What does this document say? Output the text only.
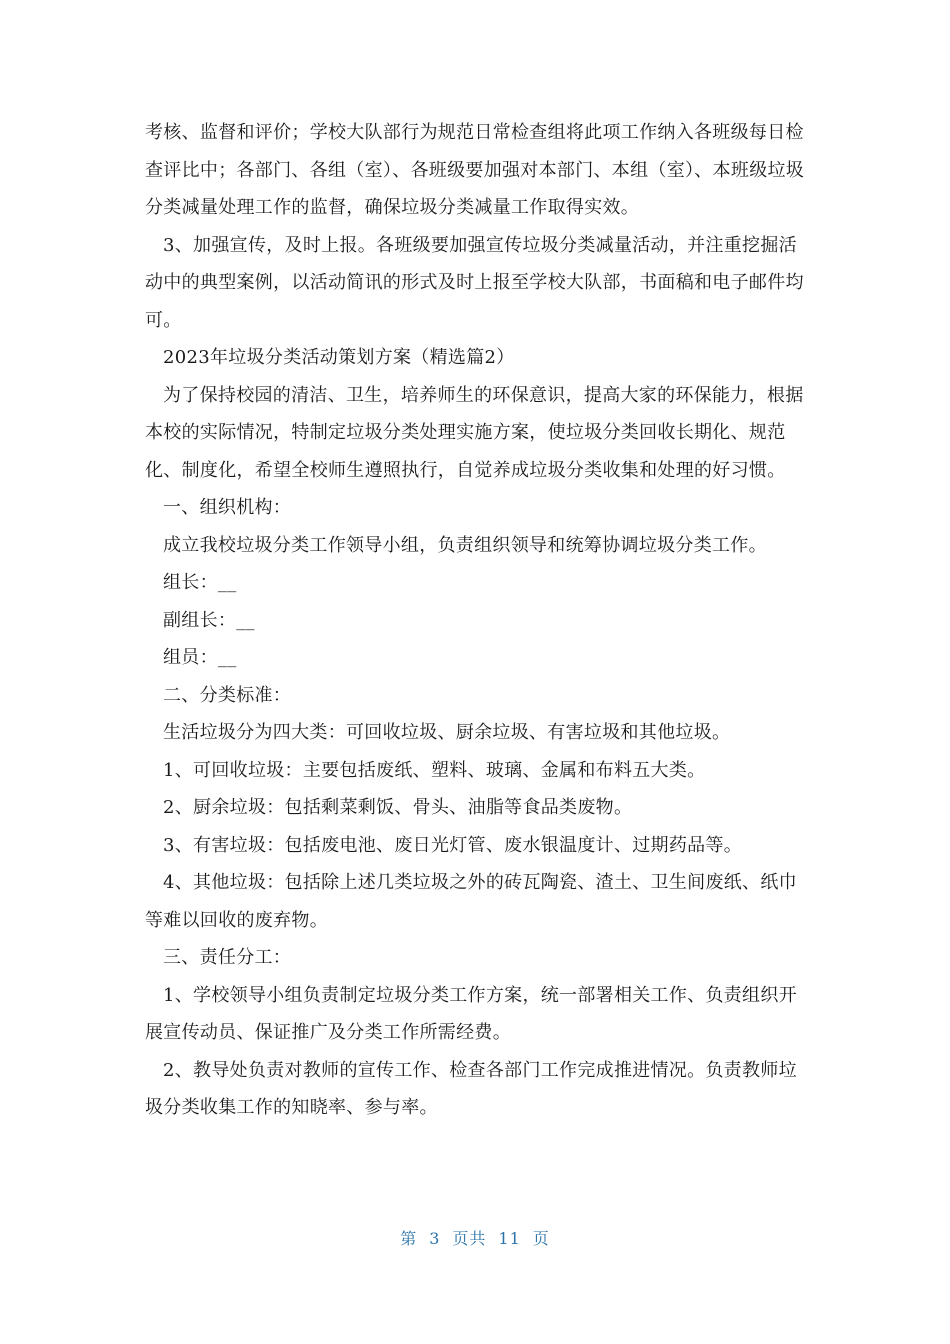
考核、监督和评价；学校大队部行为规范日常检查组将此项工作纳入各班级每日检查评比中；各部门、各组（室）、各班级要加强对本部门、本组（室）、本班级垃圾分类减量处理工作的监督，确保垃圾分类减量工作取得实效。

3、加强宣传，及时上报。各班级要加强宣传垃圾分类减量活动，并注重挖掘活动中的典型案例，以活动简讯的形式及时上报至学校大队部，书面稿和电子邮件均可。

2023年垃圾分类活动策划方案（精选篇2）

为了保持校园的清洁、卫生，培养师生的环保意识，提高大家的环保能力，根据本校的实际情况，特制定垃圾分类处理实施方案，使垃圾分类回收长期化、规范化、制度化，希望全校师生遵照执行，自觉养成垃圾分类收集和处理的好习惯。

一、组织机构：

成立我校垃圾分类工作领导小组，负责组织领导和统筹协调垃圾分类工作。

组长：__

副组长：__

组员：__

二、分类标准：

生活垃圾分为四大类：可回收垃圾、厨余垃圾、有害垃圾和其他垃圾。

1、可回收垃圾：主要包括废纸、塑料、玻璃、金属和布料五大类。

2、厨余垃圾：包括剩菜剩饭、骨头、油脂等食品类废物。

3、有害垃圾：包括废电池、废日光灯管、废水银温度计、过期药品等。

4、其他垃圾：包括除上述几类垃圾之外的砖瓦陶瓷、渣土、卫生间废纸、纸巾等难以回收的废弃物。

三、责任分工：

1、学校领导小组负责制定垃圾分类工作方案，统一部署相关工作、负责组织开展宣传动员、保证推广及分类工作所需经费。

2、教导处负责对教师的宣传工作、检查各部门工作完成推进情况。负责教师垃圾分类收集工作的知晓率、参与率。

第 3 页共 11 页
